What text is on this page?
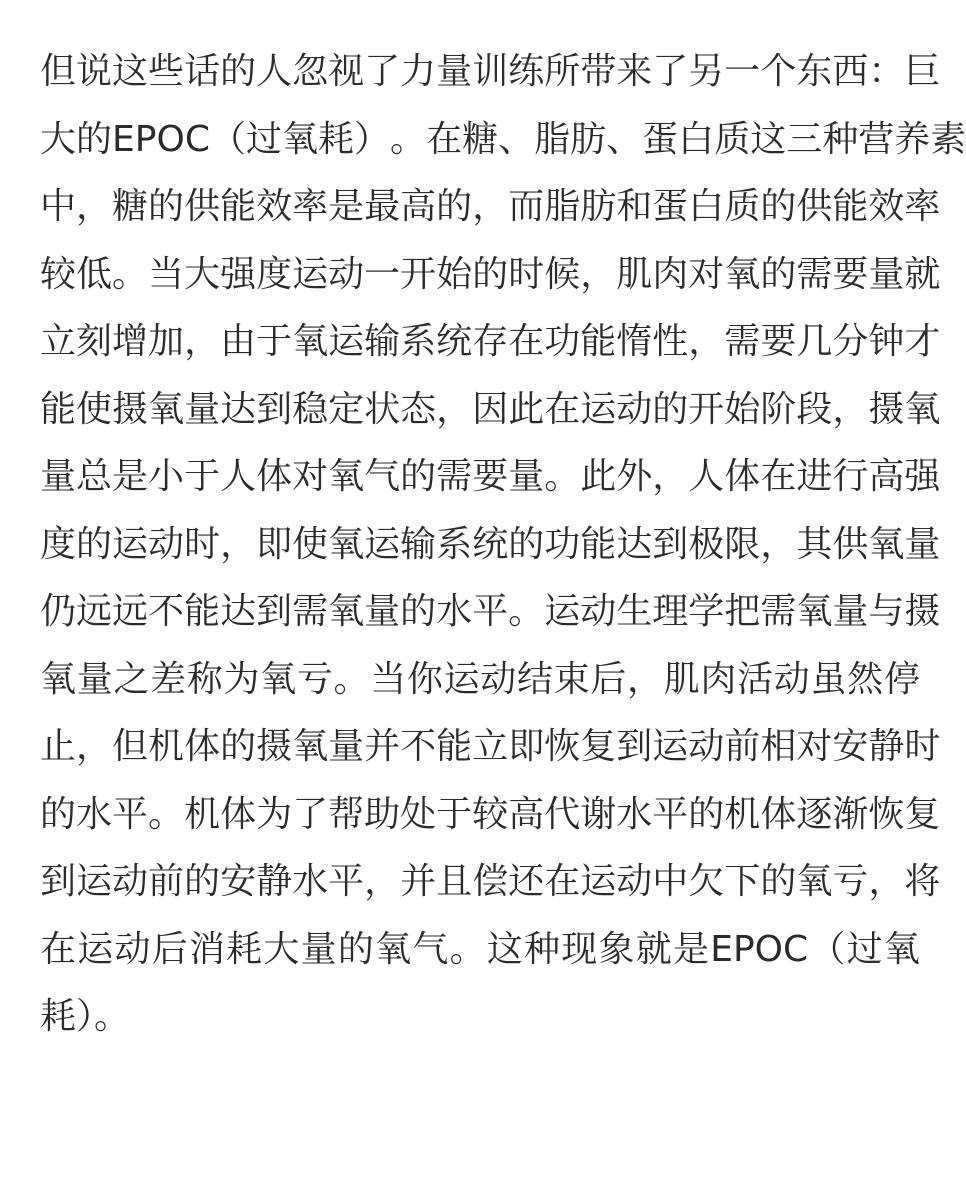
但 说 这 些 话 的 人 忽 视 了 力 量 训 练 所 带 来 了 另 一 个 东 西 ： 巨
大 的 EPOC （ 过 氧 耗 ） 。 在 糖 、 脂 肪 、 蛋 白 质 这 三 种 营 养 素
中 ， 糖 的 供 能 效 率 是 最 高 的 ， 而 脂 肪 和 蛋 白 质 的 供 能 效 率
较 低 。 当 大 强 度 运 动 一 开 始 的 时 候 ， 肌 肉 对 氧 的 需 要 量 就
立 刻 增 加 ， 由 于 氧 运 输 系 统 存 在 功 能 惰 性 ， 需 要 几 分 钟 才
能 使 摄 氧 量 达 到 稳 定 状 态 ， 因 此 在 运 动 的 开 始 阶 段 ， 摄 氧
量 总 是 小 于 人 体 对 氧 气 的 需 要 量 。 此 外 ， 人 体 在 进 行 高 强
度 的 运 动 时 ， 即 使 氧 运 输 系 统 的 功 能 达 到 极 限 ， 其 供 氧 量
仍 远 远 不 能 达 到 需 氧 量 的 水 平 。 运 动 生 理 学 把 需 氧 量 与 摄
氧 量 之 差 称 为 氧 亏 。 当 你 运 动 结 束 后 ， 肌 肉 活 动 虽 然 停
止 ， 但 机 体 的 摄 氧 量 并 不 能 立 即 恢 复 到 运 动 前 相 对 安 静 时
的 水 平 。 机 体 为 了 帮 助 处 于 较 高 代 谢 水 平 的 机 体 逐 渐 恢 复
到 运 动 前 的 安 静 水 平 ， 并 且 偿 还 在 运 动 中 欠 下 的 氧 亏 ， 将
在 运 动 后 消 耗 大 量 的 氧 气 。 这 种 现 象 就 是 EPOC （ 过 氧
耗）。
